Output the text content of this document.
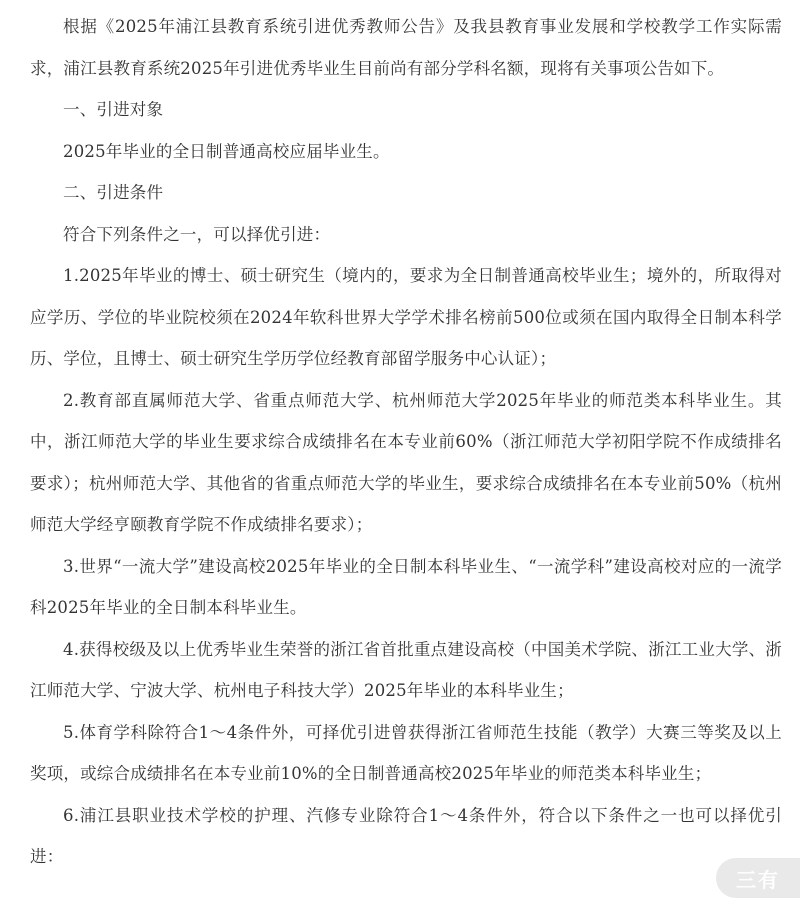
根据《2025年浦江县教育系统引进优秀教师公告》及我县教育事业发展和学校教学工作实际需求，浦江县教育系统2025年引进优秀毕业生目前尚有部分学科名额，现将有关事项公告如下。

一、引进对象

2025年毕业的全日制普通高校应届毕业生。

二、引进条件

符合下列条件之一，可以择优引进：

1.2025年毕业的博士、硕士研究生（境内的，要求为全日制普通高校毕业生；境外的，所取得对应学历、学位的毕业院校须在2024年软科世界大学学术排名榜前500位或须在国内取得全日制本科学历、学位，且博士、硕士研究生学历学位经教育部留学服务中心认证）；

2.教育部直属师范大学、省重点师范大学、杭州师范大学2025年毕业的师范类本科毕业生。其中，浙江师范大学的毕业生要求综合成绩排名在本专业前60%（浙江师范大学初阳学院不作成绩排名要求）；杭州师范大学、其他省的省重点师范大学的毕业生，要求综合成绩排名在本专业前50%（杭州师范大学经亨颐教育学院不作成绩排名要求）；

3.世界“一流大学”建设高校2025年毕业的全日制本科毕业生、“一流学科”建设高校对应的一流学科2025年毕业的全日制本科毕业生。

4.获得校级及以上优秀毕业生荣誉的浙江省首批重点建设高校（中国美术学院、浙江工业大学、浙江师范大学、宁波大学、杭州电子科技大学）2025年毕业的本科毕业生；

5.体育学科除符合1～4条件外，可择优引进曾获得浙江省师范生技能（教学）大赛三等奖及以上奖项，或综合成绩排名在本专业前10%的全日制普通高校2025年毕业的师范类本科毕业生；

6.浦江县职业技术学校的护理、汽修专业除符合1～4条件外，符合以下条件之一也可以择优引进：

三有
